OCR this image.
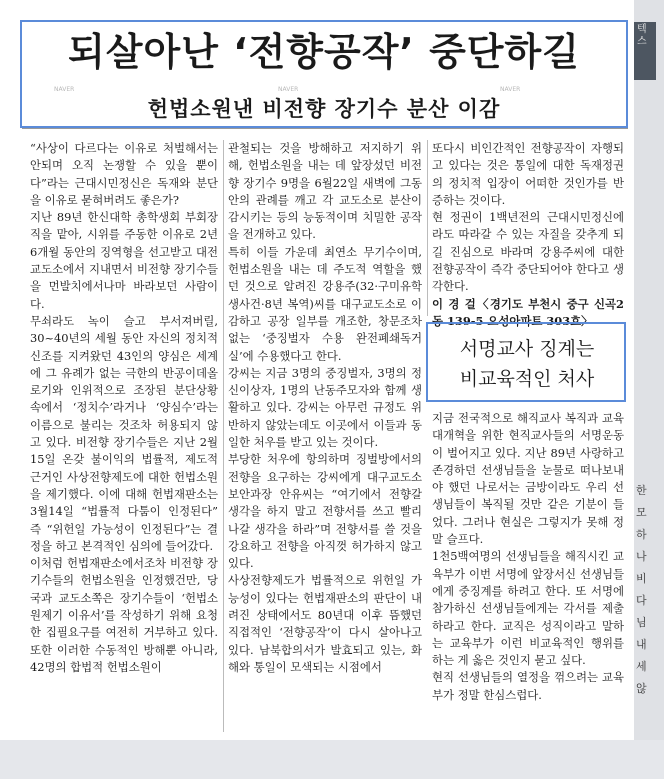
텍스
되살아난 ‘전향공작’ 중단하길
NAVER	NAVER	NAVER
헌법소원낸 비전향 장기수 분산 이감

“사상이 다르다는 이유로 처벌해서는 안되며 오직 논쟁할 수 있을 뿐이다”라는 근대시민정신은 독재와 분단을 이유로 묻혀버려도 좋은가?

지난 89년 한신대학 총학생회 부회장직을 맡아, 시위를 주동한 이유로 2년6개월 동안의 징역형을 선고받고 대전교도소에서 지내면서 비전향 장기수들을 먼발치에서나마 바라보던 사람이다.

무쇠라도 녹이 슬고 부서져버릴, 30~40년의 세월 동안 자신의 정치적 신조를 지켜왔던 43인의 양심은 세계에 그 유례가 없는 극한의 반공이데올로기와 인위적으로 조장된 분단상황 속에서 ‘정치수’라거나 ‘양심수’라는 이름으로 불리는 것조차 허용되지 않고 있다. 비전향 장기수들은 지난 2월15일 온갖 불이익의 법률적, 제도적 근거인 사상전향제도에 대한 헌법소원을 제기했다. 이에 대해 헌법재판소는 3월14일 “법률적 다툼이 인정된다” 즉 “위헌일 가능성이 인정된다”는 결정을 하고 본격적인 심의에 들어갔다.

이처럼 헌법재판소에서조차 비전향 장기수들의 헌법소원을 인정했건만, 당국과 교도소쪽은 장기수들이 ‘헌법소원제기 이유서’를 작성하기 위해 요청한 집필요구를 여전히 거부하고 있다. 또한 이러한 수동적인 방해뿐 아니라, 42명의 합법적 헌법소원이

관철되는 것을 방해하고 저지하기 위해, 헌법소원을 내는 데 앞장섰던 비전향 장기수 9명을 6월22일 새벽에 그동안의 관례를 깨고 각 교도소로 분산이감시키는 등의 능동적이며 치밀한 공작을 전개하고 있다.

특히 이들 가운데 최연소 무기수이며, 헌법소원을 내는 데 주도적 역할을 했던 것으로 알려진 강용주(32·구미유학생사건·8년 복역)씨를 대구교도소로 이감하고 공장 일부를 개조한, 창문조차 없는 ‘중징벌자 수용 완전폐쇄독거실’에 수용했다고 한다.

강씨는 지금 3명의 중징벌자, 3명의 정신이상자, 1명의 난동주모자와 함께 생활하고 있다. 강씨는 아무런 규정도 위반하지 않았는데도 이곳에서 이들과 동일한 처우를 받고 있는 것이다.

부당한 처우에 항의하며 징벌방에서의 전향을 요구하는 강씨에게 대구교도소 보안과장 안유씨는 “여기에서 전향갈 생각을 하지 말고 전향서를 쓰고 빨리 나갈 생각을 하라”며 전향서를 쓸 것을 강요하고 전향을 아직껏 허가하지 않고 있다.

사상전향제도가 법률적으로 위헌일 가능성이 있다는 헌법재판소의 판단이 내려진 상태에서도 80년대 이후 뜸했던 직접적인 ‘전향공작’이 다시 살아나고 있다. 남북합의서가 발효되고 있는, 화해와 통일이 모색되는 시점에서

또다시 비인간적인 전향공작이 자행되고 있다는 것은 통일에 대한 독재정권의 정치적 입장이 어떠한 것인가를 반증하는 것이다.

현 정권이 1백년전의 근대시민정신에라도 따라갈 수 있는 자질을 갖추게 되길 진심으로 바라며 강용주씨에 대한 전향공작이 즉각 중단되어야 한다고 생각한다.

이 경 걸〈경기도 부천시 중구 신곡2동 139-5 오성아파트 303호〉
서명교사 징계는
비교육적인 처사

지금 전국적으로 해직교사 복직과 교육대개혁을 위한 현직교사들의 서명운동이 벌어지고 있다. 지난 89년 사랑하고 존경하던 선생님들을 눈물로 떠나보내야 했던 나로서는 금방이라도 우리 선생님들이 복직될 것만 같은 기분이 들었다. 그러나 현실은 그렇지가 못해 정말 슬프다.

1천5백여명의 선생님들을 해직시킨 교육부가 이번 서명에 앞장서신 선생님들에게 중징계를 하려고 한다. 또 서명에 참가하신 선생님들에게는 각서를 제출하라고 한다. 교직은 성직이라고 말하는 교육부가 이런 비교육적인 행위를 하는 게 옳은 것인지 묻고 싶다.

현직 선생님들의 열정을 꺾으려는 교육부가 정말 한심스럽다.

한 모 하 나 비 다 님 내 세 않
